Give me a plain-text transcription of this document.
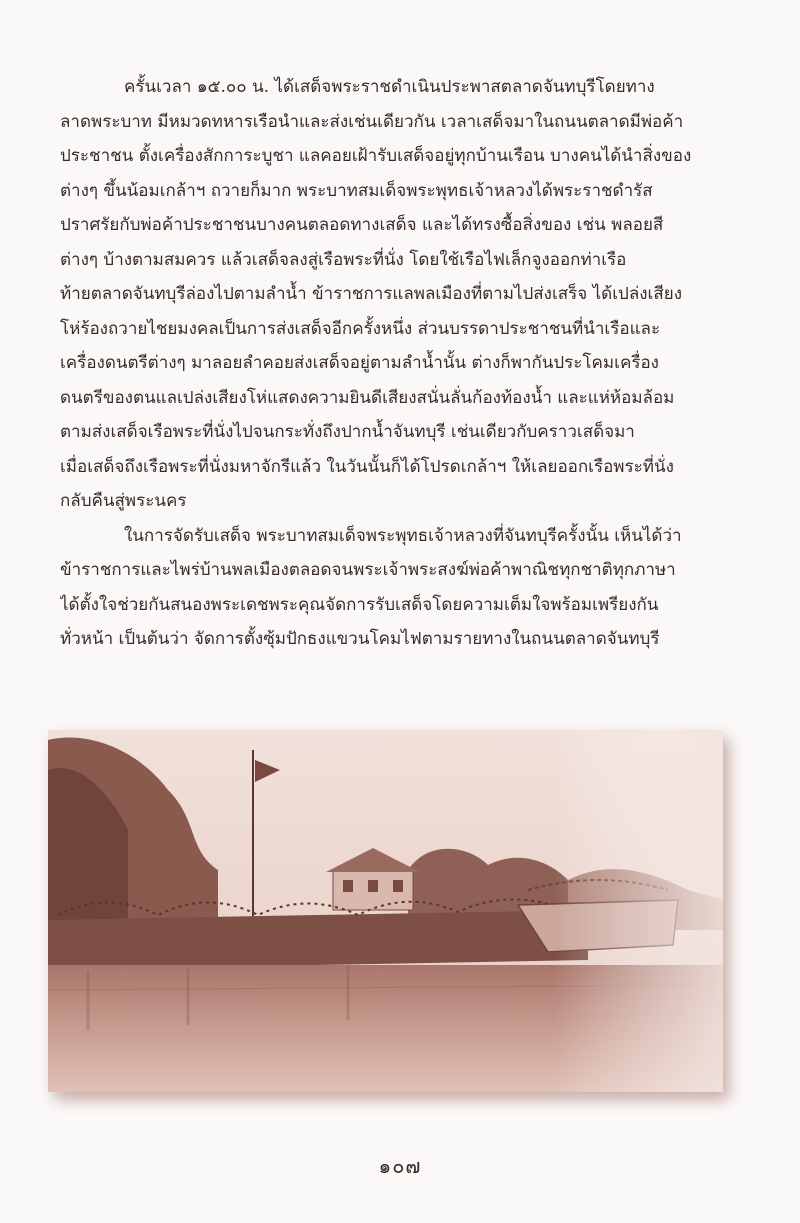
ครั้นเวลา ๑๕.๐๐ น. ได้เสด็จพระราชดำเนินประพาสตลาดจันทบุรีโดยทาง
ลาดพระบาท มีหมวดทหารเรือนำและส่งเช่นเดียวกัน เวลาเสด็จมาในถนนตลาดมีพ่อค้า
ประชาชน ตั้งเครื่องสักการะบูชา แลคอยเฝ้ารับเสด็จอยู่ทุกบ้านเรือน บางคนได้นำสิ่งของ
ต่างๆ ขึ้นน้อมเกล้าฯ ถวายก็มาก พระบาทสมเด็จพระพุทธเจ้าหลวงได้พระราชดำรัส
ปราศรัยกับพ่อค้าประชาชนบางคนตลอดทางเสด็จ และได้ทรงซื้อสิ่งของ เช่น พลอยสี
ต่างๆ บ้างตามสมควร แล้วเสด็จลงสู่เรือพระที่นั่ง โดยใช้เรือไฟเล็กจูงออกท่าเรือ
ท้ายตลาดจันทบุรีล่องไปตามลำน้ำ ข้าราชการแลพลเมืองที่ตามไปส่งเสร็จ ได้เปล่งเสียง
โห่ร้องถวายไชยมงคลเป็นการส่งเสด็จอีกครั้งหนึ่ง ส่วนบรรดาประชาชนที่นำเรือและ
เครื่องดนตรีต่างๆ มาลอยลำคอยส่งเสด็จอยู่ตามลำน้ำนั้น ต่างก็พากันประโคมเครื่อง
ดนตรีของตนแลเปล่งเสียงโห่แสดงความยินดีเสียงสนั่นลั่นก้องท้องน้ำ และแห่ห้อมล้อม
ตามส่งเสด็จเรือพระที่นั่งไปจนกระทั่งถึงปากน้ำจันทบุรี เช่นเดียวกับคราวเสด็จมา
เมื่อเสด็จถึงเรือพระที่นั่งมหาจักรีแล้ว ในวันนั้นก็ได้โปรดเกล้าฯ ให้เลยออกเรือพระที่นั่ง
กลับคืนสู่พระนคร
ในการจัดรับเสด็จ พระบาทสมเด็จพระพุทธเจ้าหลวงที่จันทบุรีครั้งนั้น เห็นได้ว่า
ข้าราชการและไพร่บ้านพลเมืองตลอดจนพระเจ้าพระสงฆ์พ่อค้าพาณิชทุกชาติทุกภาษา
ได้ตั้งใจช่วยกันสนองพระเดชพระคุณจัดการรับเสด็จโดยความเต็มใจพร้อมเพรียงกัน
ทั่วหน้า เป็นต้นว่า จัดการตั้งซุ้มปักธงแขวนโคมไฟตามรายทางในถนนตลาดจันทบุรี
๑๐๗
